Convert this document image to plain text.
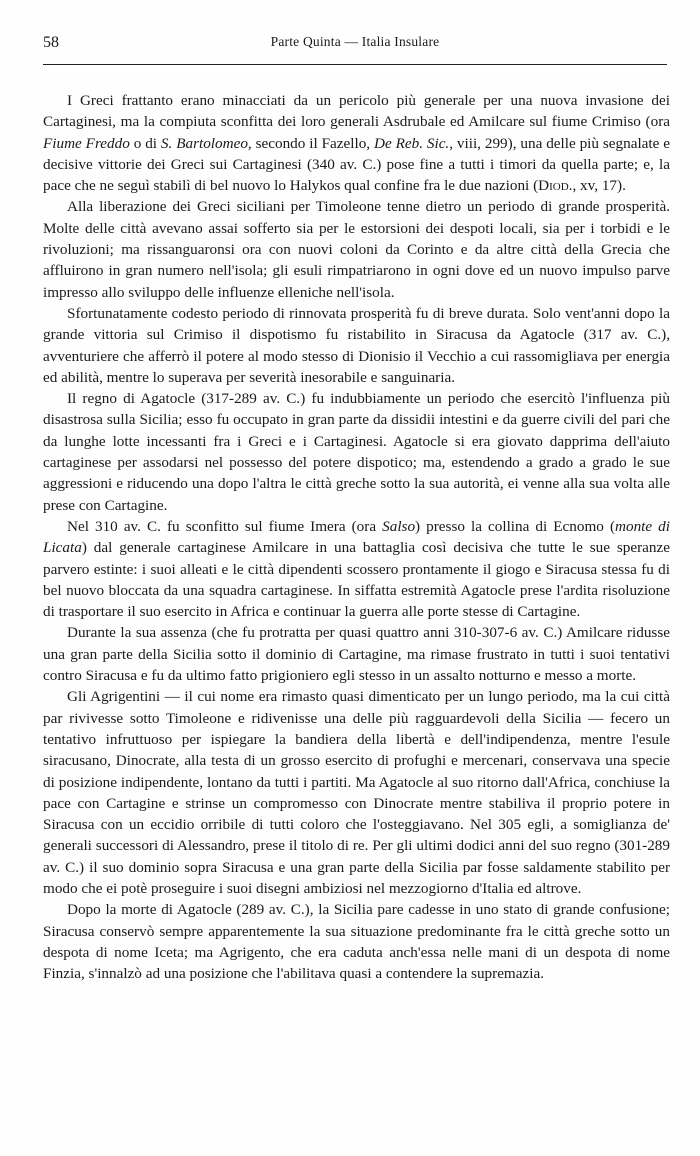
58	Parte Quinta — Italia Insulare

I Greci frattanto erano minacciati da un pericolo più generale per una nuova invasione dei Cartaginesi, ma la compiuta sconfitta dei loro generali Asdrubale ed Amilcare sul fiume Crimiso (ora Fiume Freddo o di S. Bartolomeo, secondo il Fazello, De Reb. Sic., viii, 299), una delle più segnalate e decisive vittorie dei Greci sui Cartaginesi (340 av. C.) pose fine a tutti i timori da quella parte; e, la pace che ne seguì stabilì di bel nuovo lo Halykos qual confine fra le due nazioni (Diod., xv, 17).

Alla liberazione dei Greci siciliani per Timoleone tenne dietro un periodo di grande prosperità. Molte delle città avevano assai sofferto sia per le estorsioni dei despoti locali, sia per i torbidi e le rivoluzioni; ma rissanguaronsi ora con nuovi coloni da Corinto e da altre città della Grecia che affluirono in gran numero nell'isola; gli esuli rimpatriarono in ogni dove ed un nuovo impulso parve impresso allo sviluppo delle influenze elleniche nell'isola.

Sfortunatamente codesto periodo di rinnovata prosperità fu di breve durata. Solo vent'anni dopo la grande vittoria sul Crimiso il dispotismo fu ristabilito in Siracusa da Agatocle (317 av. C.), avventuriere che afferrò il potere al modo stesso di Dionisio il Vecchio a cui rassomigliava per energia ed abilità, mentre lo superava per severità inesorabile e sanguinaria.

Il regno di Agatocle (317-289 av. C.) fu indubbiamente un periodo che esercitò l'influenza più disastrosa sulla Sicilia; esso fu occupato in gran parte da dissidii intestini e da guerre civili del pari che da lunghe lotte incessanti fra i Greci e i Cartaginesi. Agatocle si era giovato dapprima dell'aiuto cartaginese per assodarsi nel possesso del potere dispotico; ma, estendendo a grado a grado le sue aggressioni e riducendo una dopo l'altra le città greche sotto la sua autorità, ei venne alla sua volta alle prese con Cartagine.

Nel 310 av. C. fu sconfitto sul fiume Imera (ora Salso) presso la collina di Ecnomo (monte di Licata) dal generale cartaginese Amilcare in una battaglia così decisiva che tutte le sue speranze parvero estinte: i suoi alleati e le città dipendenti scossero prontamente il giogo e Siracusa stessa fu di bel nuovo bloccata da una squadra cartaginese. In siffatta estremità Agatocle prese l'ardita risoluzione di trasportare il suo esercito in Africa e continuar la guerra alle porte stesse di Cartagine.

Durante la sua assenza (che fu protratta per quasi quattro anni 310-307-6 av. C.) Amilcare ridusse una gran parte della Sicilia sotto il dominio di Cartagine, ma rimase frustrato in tutti i suoi tentativi contro Siracusa e fu da ultimo fatto prigioniero egli stesso in un assalto notturno e messo a morte.

Gli Agrigentini — il cui nome era rimasto quasi dimenticato per un lungo periodo, ma la cui città par rivivesse sotto Timoleone e ridivenisse una delle più ragguardevoli della Sicilia — fecero un tentativo infruttuoso per ispiegare la bandiera della libertà e dell'indipendenza, mentre l'esule siracusano, Dinocrate, alla testa di un grosso esercito di profughi e mercenari, conservava una specie di posizione indipendente, lontano da tutti i partiti. Ma Agatocle al suo ritorno dall'Africa, conchiuse la pace con Cartagine e strinse un compromesso con Dinocrate mentre stabiliva il proprio potere in Siracusa con un eccidio orribile di tutti coloro che l'osteggiavano. Nel 305 egli, a somiglianza de' generali successori di Alessandro, prese il titolo di re. Per gli ultimi dodici anni del suo regno (301-289 av. C.) il suo dominio sopra Siracusa e una gran parte della Sicilia par fosse saldamente stabilito per modo che ei potè proseguire i suoi disegni ambiziosi nel mezzogiorno d'Italia ed altrove.

Dopo la morte di Agatocle (289 av. C.), la Sicilia pare cadesse in uno stato di grande confusione; Siracusa conservò sempre apparentemente la sua situazione predominante fra le città greche sotto un despota di nome Iceta; ma Agrigento, che era caduta anch'essa nelle mani di un despota di nome Finzia, s'innalzò ad una posizione che l'abilitava quasi a contendere la supremazia.
